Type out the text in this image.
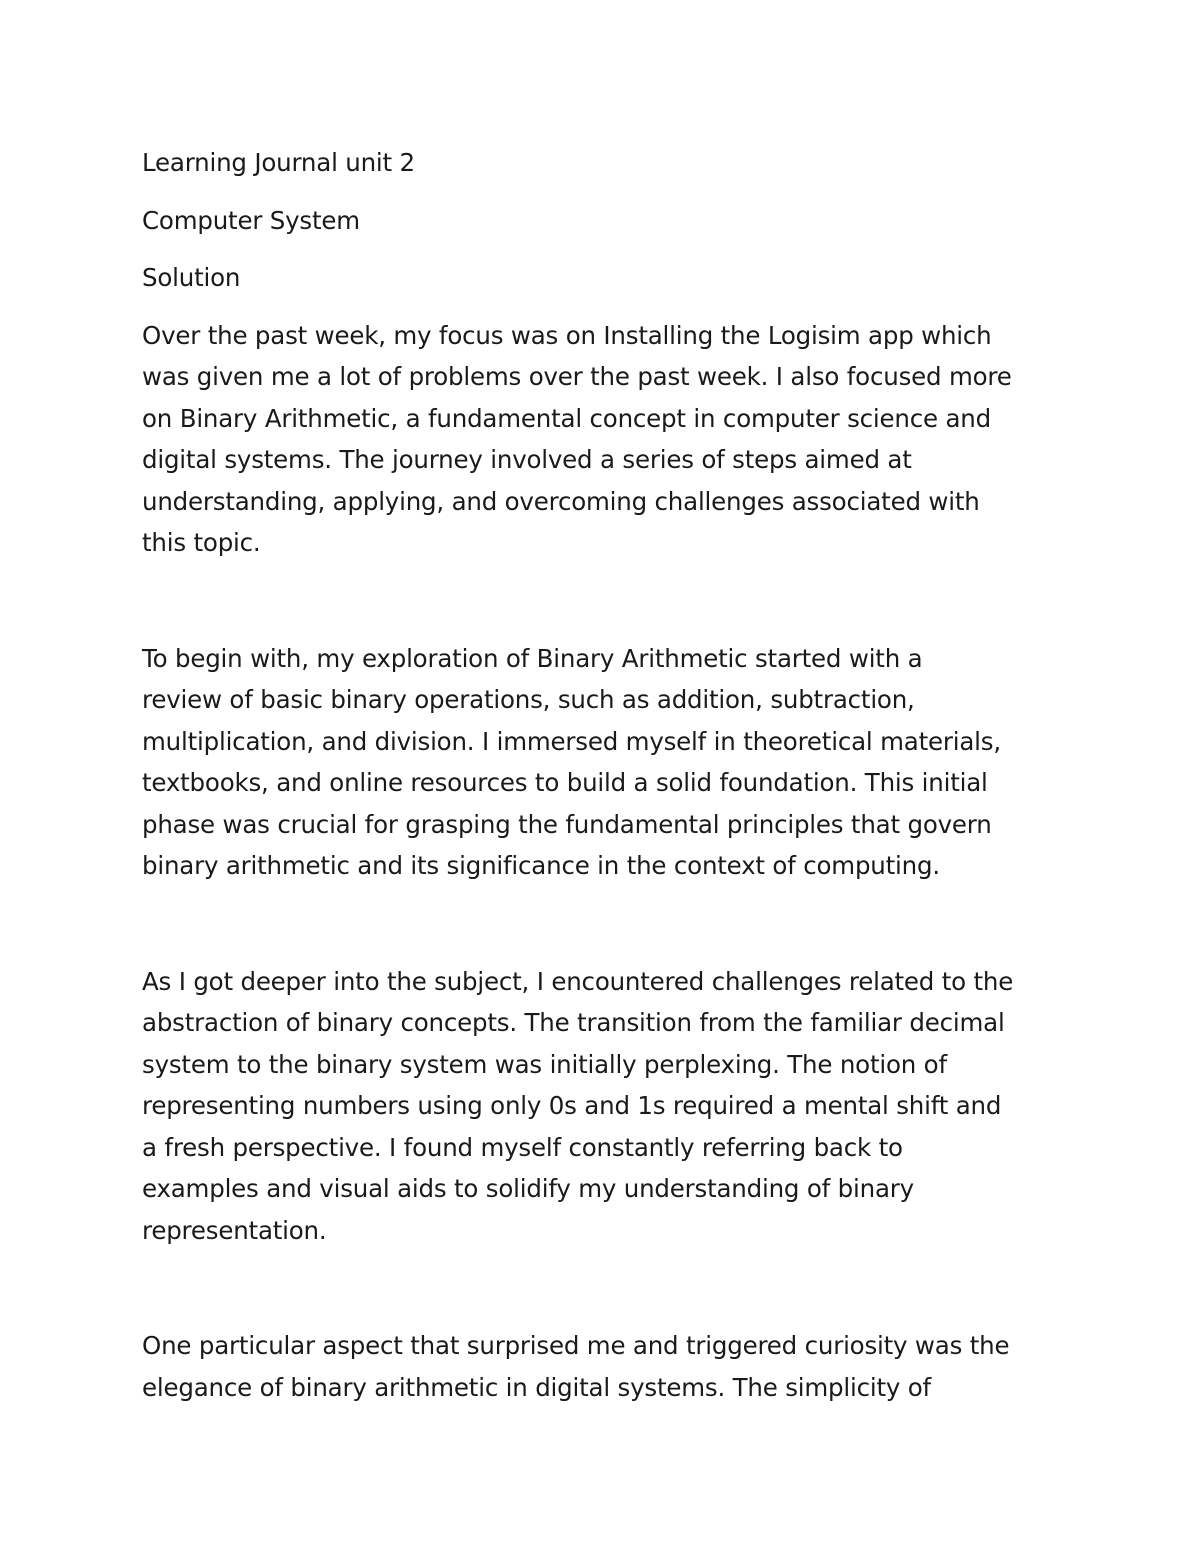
Learning Journal unit 2
Computer System
Solution
Over the past week, my focus was on Installing the Logisim app which
was given me a lot of problems over the past week. I also focused more
on Binary Arithmetic, a fundamental concept in computer science and
digital systems. The journey involved a series of steps aimed at
understanding, applying, and overcoming challenges associated with
this topic.
To begin with, my exploration of Binary Arithmetic started with a
review of basic binary operations, such as addition, subtraction,
multiplication, and division. I immersed myself in theoretical materials,
textbooks, and online resources to build a solid foundation. This initial
phase was crucial for grasping the fundamental principles that govern
binary arithmetic and its significance in the context of computing.
As I got deeper into the subject, I encountered challenges related to the
abstraction of binary concepts. The transition from the familiar decimal
system to the binary system was initially perplexing. The notion of
representing numbers using only 0s and 1s required a mental shift and
a fresh perspective. I found myself constantly referring back to
examples and visual aids to solidify my understanding of binary
representation.
One particular aspect that surprised me and triggered curiosity was the
elegance of binary arithmetic in digital systems. The simplicity of
